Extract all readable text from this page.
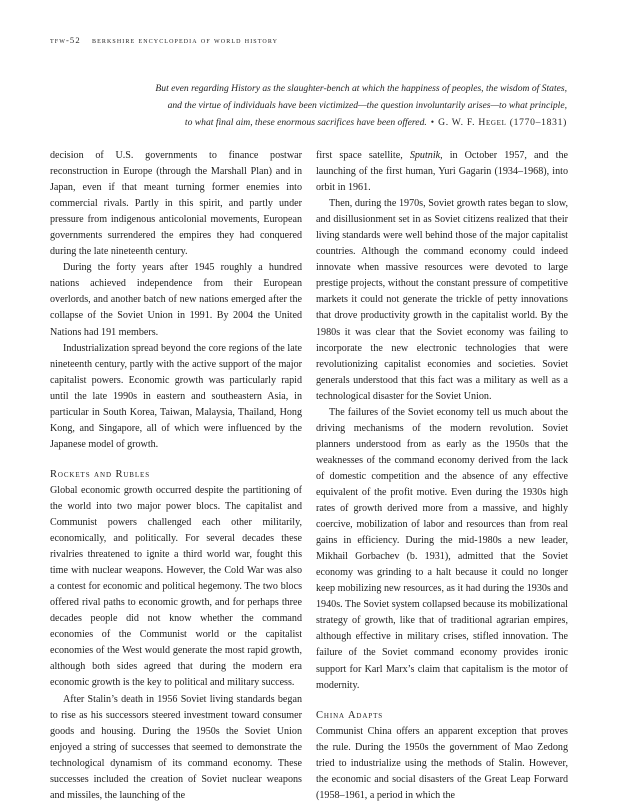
tfw-52 berkshire encyclopedia of world history
But even regarding History as the slaughter-bench at which the happiness of peoples, the wisdom of States,
and the virtue of individuals have been victimized—the question involuntarily arises—to what principle,
to what final aim, these enormous sacrifices have been offered. • G. W. F. Hegel (1770–1831)

decision of U.S. governments to finance postwar reconstruction in Europe (through the Marshall Plan) and in Japan, even if that meant turning former enemies into commercial rivals. Partly in this spirit, and partly under pressure from indigenous anticolonial movements, European governments surrendered the empires they had conquered during the late nineteenth century.

During the forty years after 1945 roughly a hundred nations achieved independence from their European overlords, and another batch of new nations emerged after the collapse of the Soviet Union in 1991. By 2004 the United Nations had 191 members.

Industrialization spread beyond the core regions of the late nineteenth century, partly with the active support of the major capitalist powers. Economic growth was particularly rapid until the late 1990s in eastern and southeastern Asia, in particular in South Korea, Taiwan, Malaysia, Thailand, Hong Kong, and Singapore, all of which were influenced by the Japanese model of growth.

Rockets and Rubles

Global economic growth occurred despite the partitioning of the world into two major power blocs. The capitalist and Communist powers challenged each other militarily, economically, and politically. For several decades these rivalries threatened to ignite a third world war, fought this time with nuclear weapons. However, the Cold War was also a contest for economic and political hegemony. The two blocs offered rival paths to economic growth, and for perhaps three decades people did not know whether the command economies of the Communist world or the capitalist economies of the West would generate the most rapid growth, although both sides agreed that during the modern era economic growth is the key to political and military success.

After Stalin’s death in 1956 Soviet living standards began to rise as his successors steered investment toward consumer goods and housing. During the 1950s the Soviet Union enjoyed a string of successes that seemed to demonstrate the technological dynamism of its command economy. These successes included the creation of Soviet nuclear weapons and missiles, the launching of the

first space satellite, Sputnik, in October 1957, and the launching of the first human, Yuri Gagarin (1934–1968), into orbit in 1961.

Then, during the 1970s, Soviet growth rates began to slow, and disillusionment set in as Soviet citizens realized that their living standards were well behind those of the major capitalist countries. Although the command economy could indeed innovate when massive resources were devoted to large prestige projects, without the constant pressure of competitive markets it could not generate the trickle of petty innovations that drove productivity growth in the capitalist world. By the 1980s it was clear that the Soviet economy was failing to incorporate the new electronic technologies that were revolutionizing capitalist economies and societies. Soviet generals understood that this fact was a military as well as a technological disaster for the Soviet Union.

The failures of the Soviet economy tell us much about the driving mechanisms of the modern revolution. Soviet planners understood from as early as the 1950s that the weaknesses of the command economy derived from the lack of domestic competition and the absence of any effective equivalent of the profit motive. Even during the 1930s high rates of growth derived more from a massive, and highly coercive, mobilization of labor and resources than from real gains in efficiency. During the mid-1980s a new leader, Mikhail Gorbachev (b. 1931), admitted that the Soviet economy was grinding to a halt because it could no longer keep mobilizing new resources, as it had during the 1930s and 1940s. The Soviet system collapsed because its mobilizational strategy of growth, like that of traditional agrarian empires, although effective in military crises, stifled innovation. The failure of the Soviet command economy provides ironic support for Karl Marx’s claim that capitalism is the motor of modernity.

China Adapts

Communist China offers an apparent exception that proves the rule. During the 1950s the government of Mao Zedong tried to industrialize using the methods of Stalin. However, the economic and social disasters of the Great Leap Forward (1958–1961, a period in which the
